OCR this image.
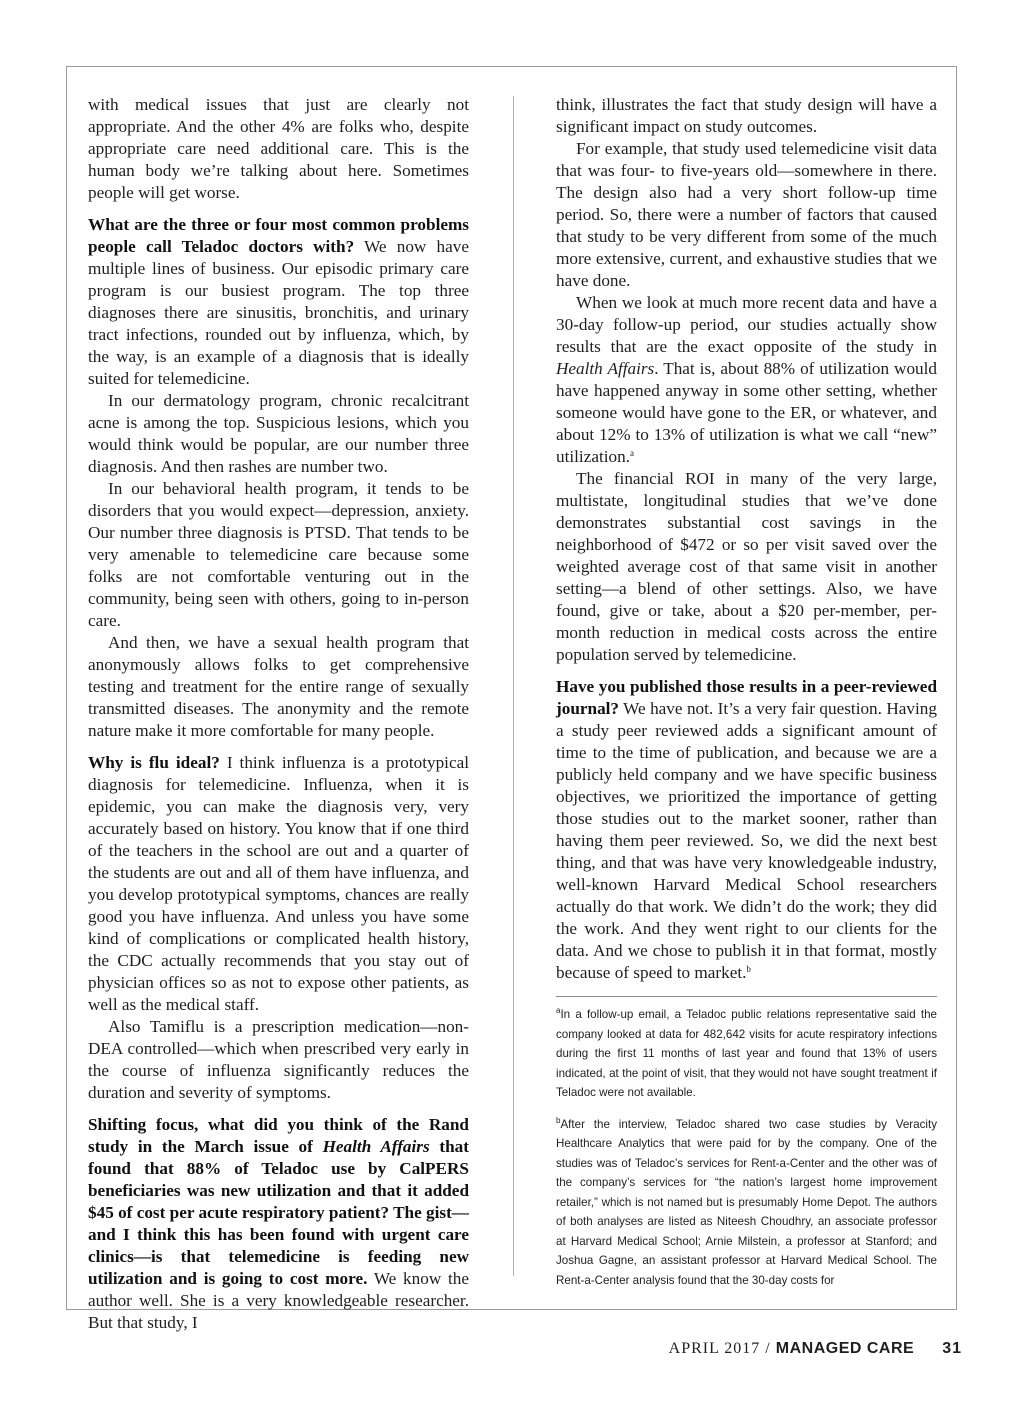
with medical issues that just are clearly not appropriate. And the other 4% are folks who, despite appropriate care need additional care. This is the human body we’re talking about here. Sometimes people will get worse.

What are the three or four most common problems people call Teladoc doctors with? We now have multiple lines of business. Our episodic primary care program is our busiest program. The top three diagnoses there are sinusitis, bronchitis, and urinary tract infections, rounded out by influenza, which, by the way, is an example of a diagnosis that is ideally suited for telemedicine.

In our dermatology program, chronic recalcitrant acne is among the top. Suspicious lesions, which you would think would be popular, are our number three diagnosis. And then rashes are number two.

In our behavioral health program, it tends to be disorders that you would expect—depression, anxiety. Our number three diagnosis is PTSD. That tends to be very amenable to telemedicine care because some folks are not comfortable venturing out in the community, being seen with others, going to in-person care.

And then, we have a sexual health program that anonymously allows folks to get comprehensive testing and treatment for the entire range of sexually transmitted diseases. The anonymity and the remote nature make it more comfortable for many people.

Why is flu ideal? I think influenza is a prototypical diagnosis for telemedicine. Influenza, when it is epidemic, you can make the diagnosis very, very accurately based on history. You know that if one third of the teachers in the school are out and a quarter of the students are out and all of them have influenza, and you develop prototypical symptoms, chances are really good you have influenza. And unless you have some kind of complications or complicated health history, the CDC actually recommends that you stay out of physician offices so as not to expose other patients, as well as the medical staff.

Also Tamiflu is a prescription medication—non-DEA controlled—which when prescribed very early in the course of influenza significantly reduces the duration and severity of symptoms.

Shifting focus, what did you think of the Rand study in the March issue of Health Affairs that found that 88% of Teladoc use by CalPERS beneficiaries was new utilization and that it added $45 of cost per acute respiratory patient? The gist—and I think this has been found with urgent care clinics—is that telemedicine is feeding new utilization and is going to cost more. We know the author well. She is a very knowledgeable researcher. But that study, I

think, illustrates the fact that study design will have a significant impact on study outcomes.

For example, that study used telemedicine visit data that was four- to five-years old—somewhere in there. The design also had a very short follow-up time period. So, there were a number of factors that caused that study to be very different from some of the much more extensive, current, and exhaustive studies that we have done.

When we look at much more recent data and have a 30-day follow-up period, our studies actually show results that are the exact opposite of the study in Health Affairs. That is, about 88% of utilization would have happened anyway in some other setting, whether someone would have gone to the ER, or whatever, and about 12% to 13% of utilization is what we call “new” utilization.$^a$

The financial ROI in many of the very large, multistate, longitudinal studies that we’ve done demonstrates substantial cost savings in the neighborhood of $472 or so per visit saved over the weighted average cost of that same visit in another setting—a blend of other settings. Also, we have found, give or take, about a $20 per-member, per-month reduction in medical costs across the entire population served by telemedicine.

Have you published those results in a peer-reviewed journal? We have not. It’s a very fair question. Having a study peer reviewed adds a significant amount of time to the time of publication, and because we are a publicly held company and we have specific business objectives, we prioritized the importance of getting those studies out to the market sooner, rather than having them peer reviewed. So, we did the next best thing, and that was have very knowledgeable industry, well-known Harvard Medical School researchers actually do that work. We didn’t do the work; they did the work. And they went right to our clients for the data. And we chose to publish it in that format, mostly because of speed to market.$^b$

$^a$In a follow-up email, a Teladoc public relations representative said the company looked at data for 482,642 visits for acute respiratory infections during the first 11 months of last year and found that 13% of users indicated, at the point of visit, that they would not have sought treatment if Teladoc were not available.

$^b$After the interview, Teladoc shared two case studies by Veracity Healthcare Analytics that were paid for by the company. One of the studies was of Teladoc’s services for Rent-a-Center and the other was of the company’s services for “the nation’s largest home improvement retailer,” which is not named but is presumably Home Depot. The authors of both analyses are listed as Niteesh Choudhry, an associate professor at Harvard Medical School; Arnie Milstein, a professor at Stanford; and Joshua Gagne, an assistant professor at Harvard Medical School. The Rent-a-Center analysis found that the 30-day costs for

APRIL 2017 / MANAGED CARE 31
